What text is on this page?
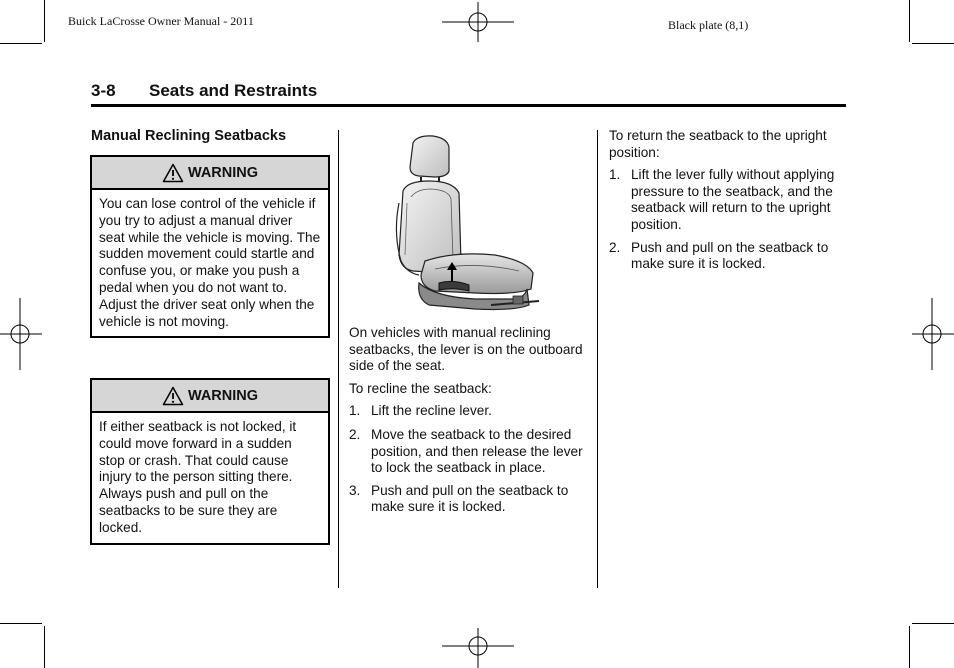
Buick LaCrosse Owner Manual - 2011	Black plate (8,1)
3-8 Seats and Restraints
Manual Reclining Seatbacks
WARNING
You can lose control of the vehicle if you try to adjust a manual driver seat while the vehicle is moving. The sudden movement could startle and confuse you, or make you push a pedal when you do not want to. Adjust the driver seat only when the vehicle is not moving.
WARNING
If either seatback is not locked, it could move forward in a sudden stop or crash. That could cause injury to the person sitting there. Always push and pull on the seatbacks to be sure they are locked.

On vehicles with manual reclining seatbacks, the lever is on the outboard side of the seat.

To recline the seatback:

1. Lift the recline lever.
2. Move the seatback to the desired position, and then release the lever to lock the seatback in place.
3. Push and pull on the seatback to make sure it is locked.

To return the seatback to the upright position:

1. Lift the lever fully without applying pressure to the seatback, and the seatback will return to the upright position.
2. Push and pull on the seatback to make sure it is locked.
